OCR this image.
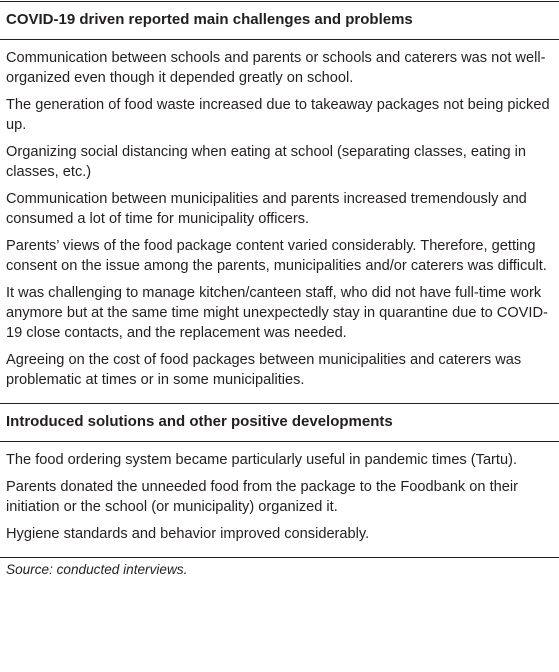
COVID-19 driven reported main challenges and problems
Communication between schools and parents or schools and caterers was not well-organized even though it depended greatly on school.
The generation of food waste increased due to takeaway packages not being picked up.
Organizing social distancing when eating at school (separating classes, eating in classes, etc.)
Communication between municipalities and parents increased tremendously and consumed a lot of time for municipality officers.
Parents’ views of the food package content varied considerably. Therefore, getting consent on the issue among the parents, municipalities and/or caterers was difficult.
It was challenging to manage kitchen/canteen staff, who did not have full-time work anymore but at the same time might unexpectedly stay in quarantine due to COVID-19 close contacts, and the replacement was needed.
Agreeing on the cost of food packages between municipalities and caterers was problematic at times or in some municipalities.
Introduced solutions and other positive developments
The food ordering system became particularly useful in pandemic times (Tartu).
Parents donated the unneeded food from the package to the Foodbank on their initiation or the school (or municipality) organized it.
Hygiene standards and behavior improved considerably.
Source: conducted interviews.
